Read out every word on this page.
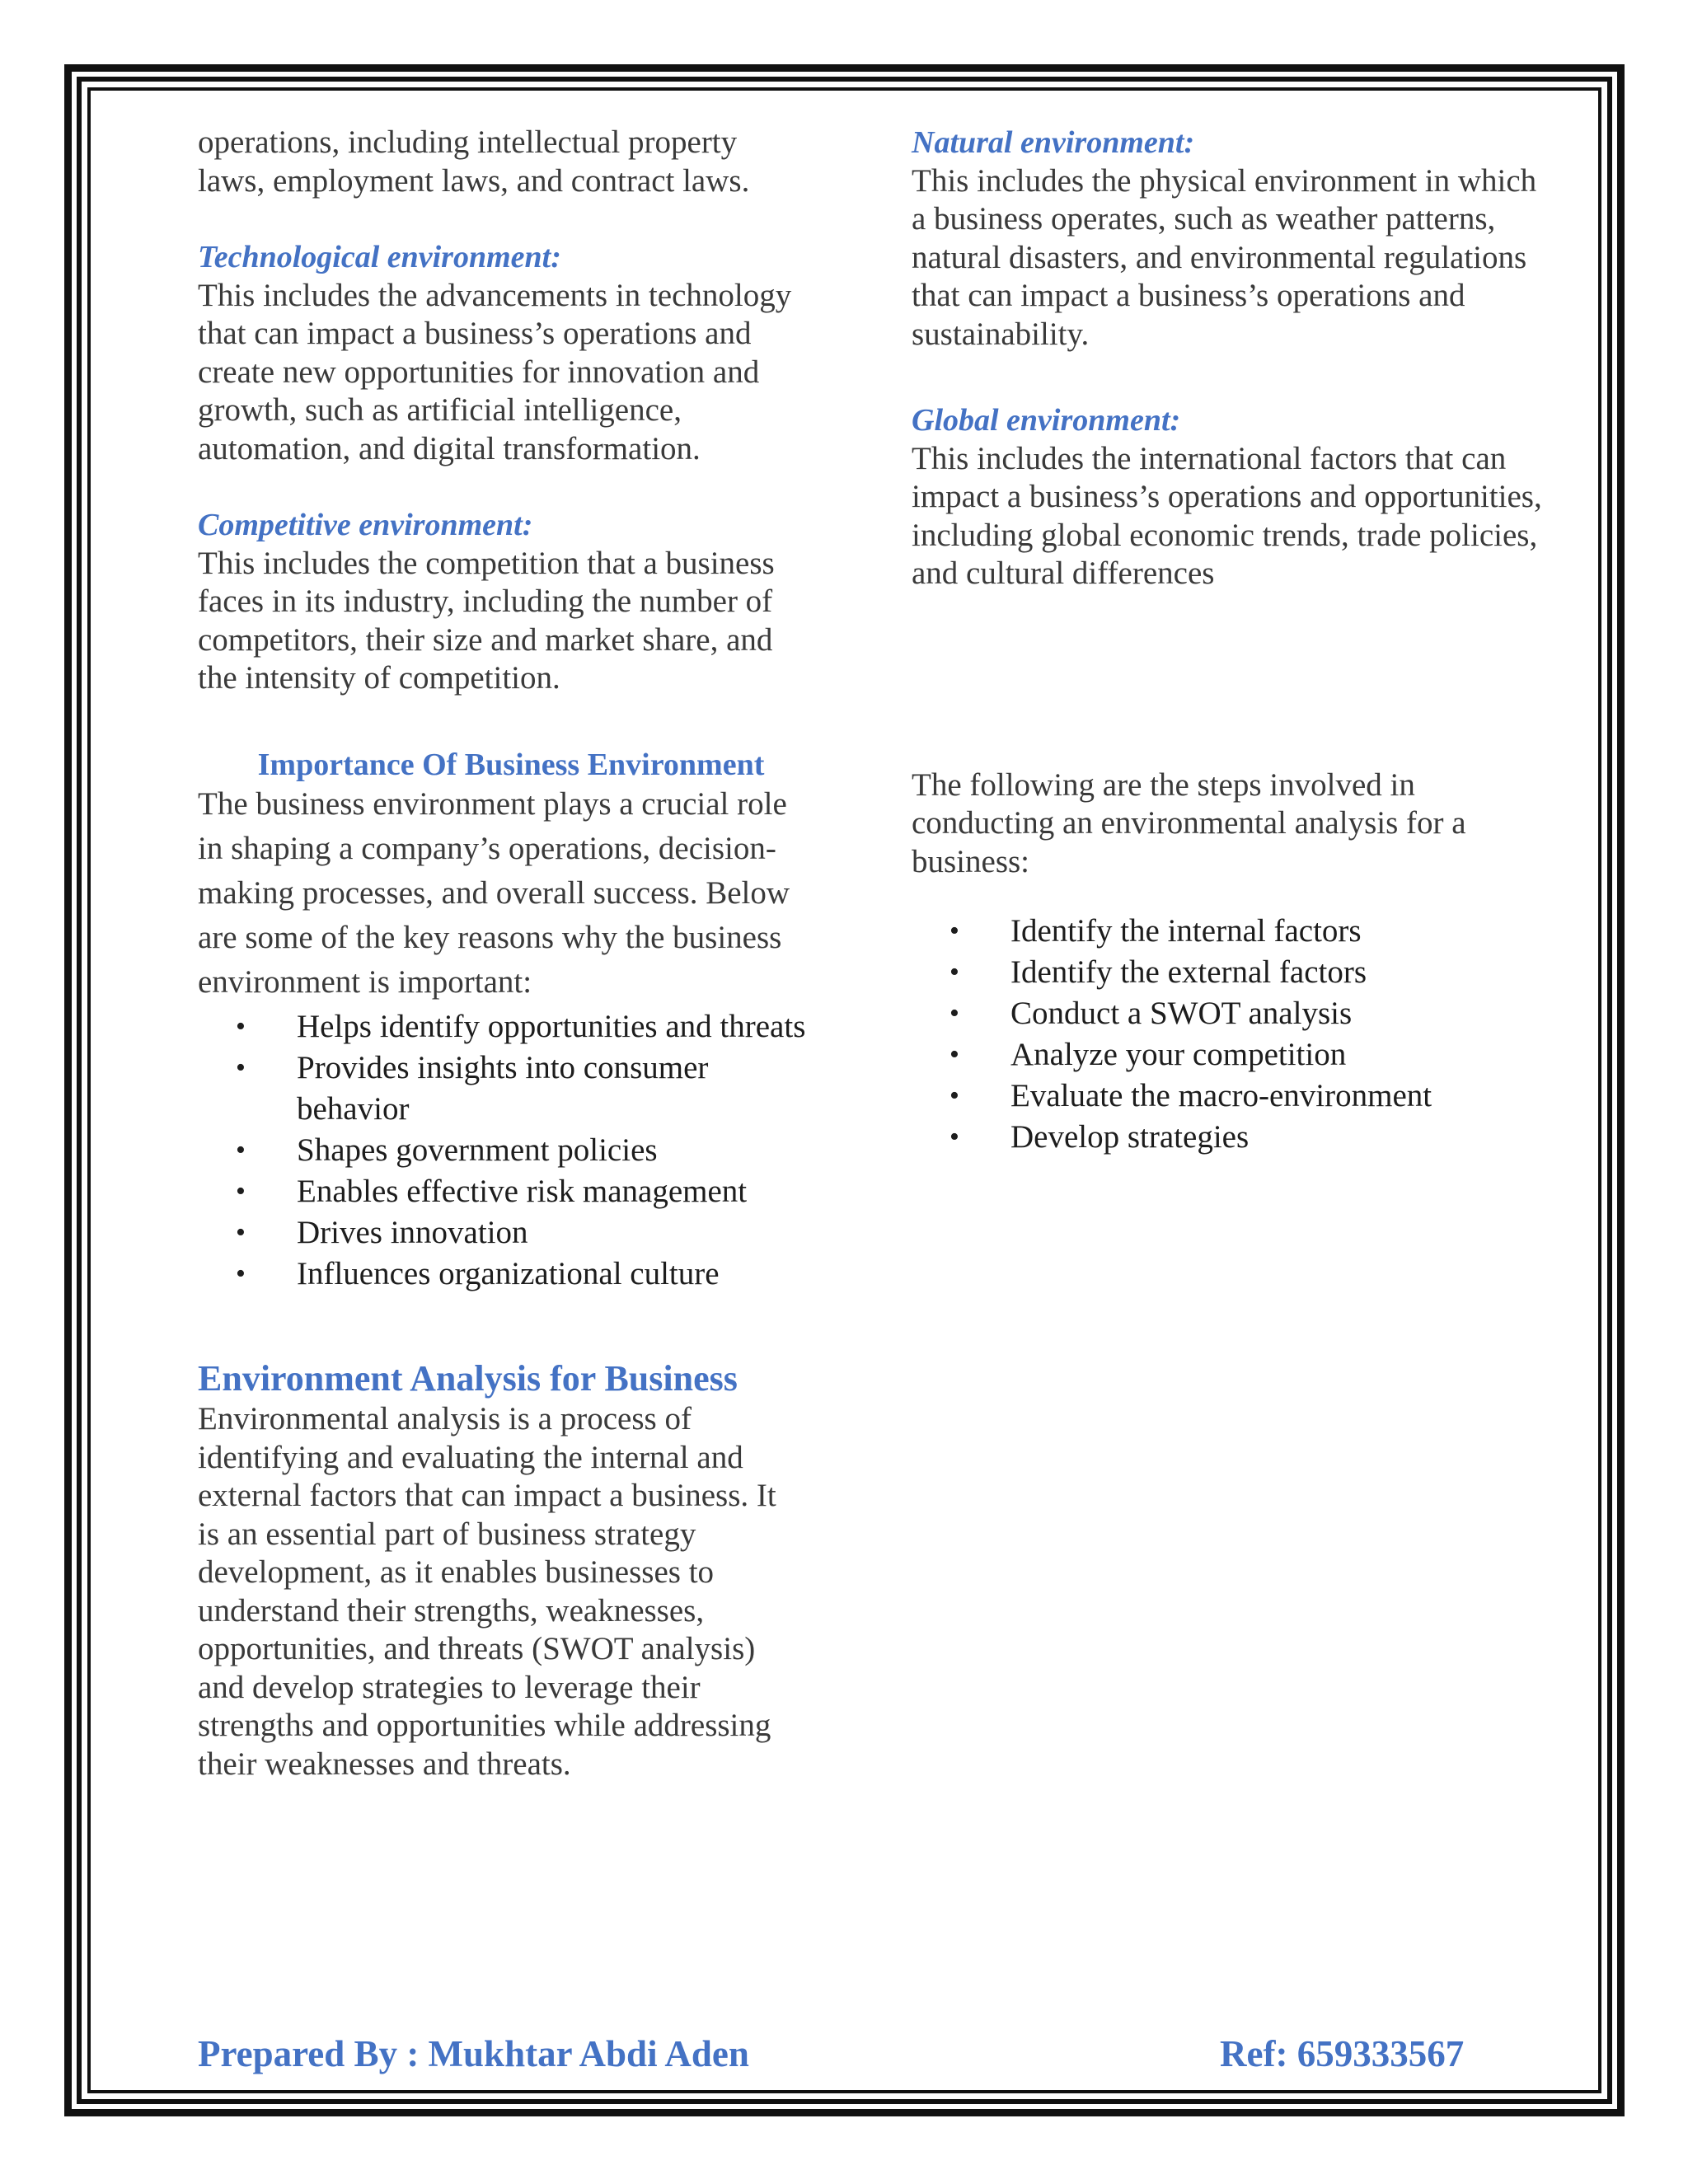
operations, including intellectual property laws, employment laws, and contract laws.

Technological environment:

This includes the advancements in technology that can impact a business’s operations and create new opportunities for innovation and growth, such as artificial intelligence, automation, and digital transformation.

Competitive environment:

This includes the competition that a business faces in its industry, including the number of competitors, their size and market share, and the intensity of competition.

Importance Of Business Environment

The business environment plays a crucial role in shaping a company’s operations, decision-making processes, and overall success. Below are some of the key reasons why the business environment is important:

• Helps identify opportunities and threats
• Provides insights into consumer behavior
• Shapes government policies
• Enables effective risk management
• Drives innovation
• Influences organizational culture
Environment Analysis for Business

Environmental analysis is a process of identifying and evaluating the internal and external factors that can impact a business. It is an essential part of business strategy development, as it enables businesses to understand their strengths, weaknesses, opportunities, and threats (SWOT analysis) and develop strategies to leverage their strengths and opportunities while addressing their weaknesses and threats.

Natural environment:

This includes the physical environment in which a business operates, such as weather patterns, natural disasters, and environmental regulations that can impact a business’s operations and sustainability.

Global environment:

This includes the international factors that can impact a business’s operations and opportunities, including global economic trends, trade policies, and cultural differences

The following are the steps involved in conducting an environmental analysis for a business:

• Identify the internal factors
• Identify the external factors
• Conduct a SWOT analysis
• Analyze your competition
• Evaluate the macro-environment
• Develop strategies
Prepared By : Mukhtar Abdi Aden	Ref: 659333567
